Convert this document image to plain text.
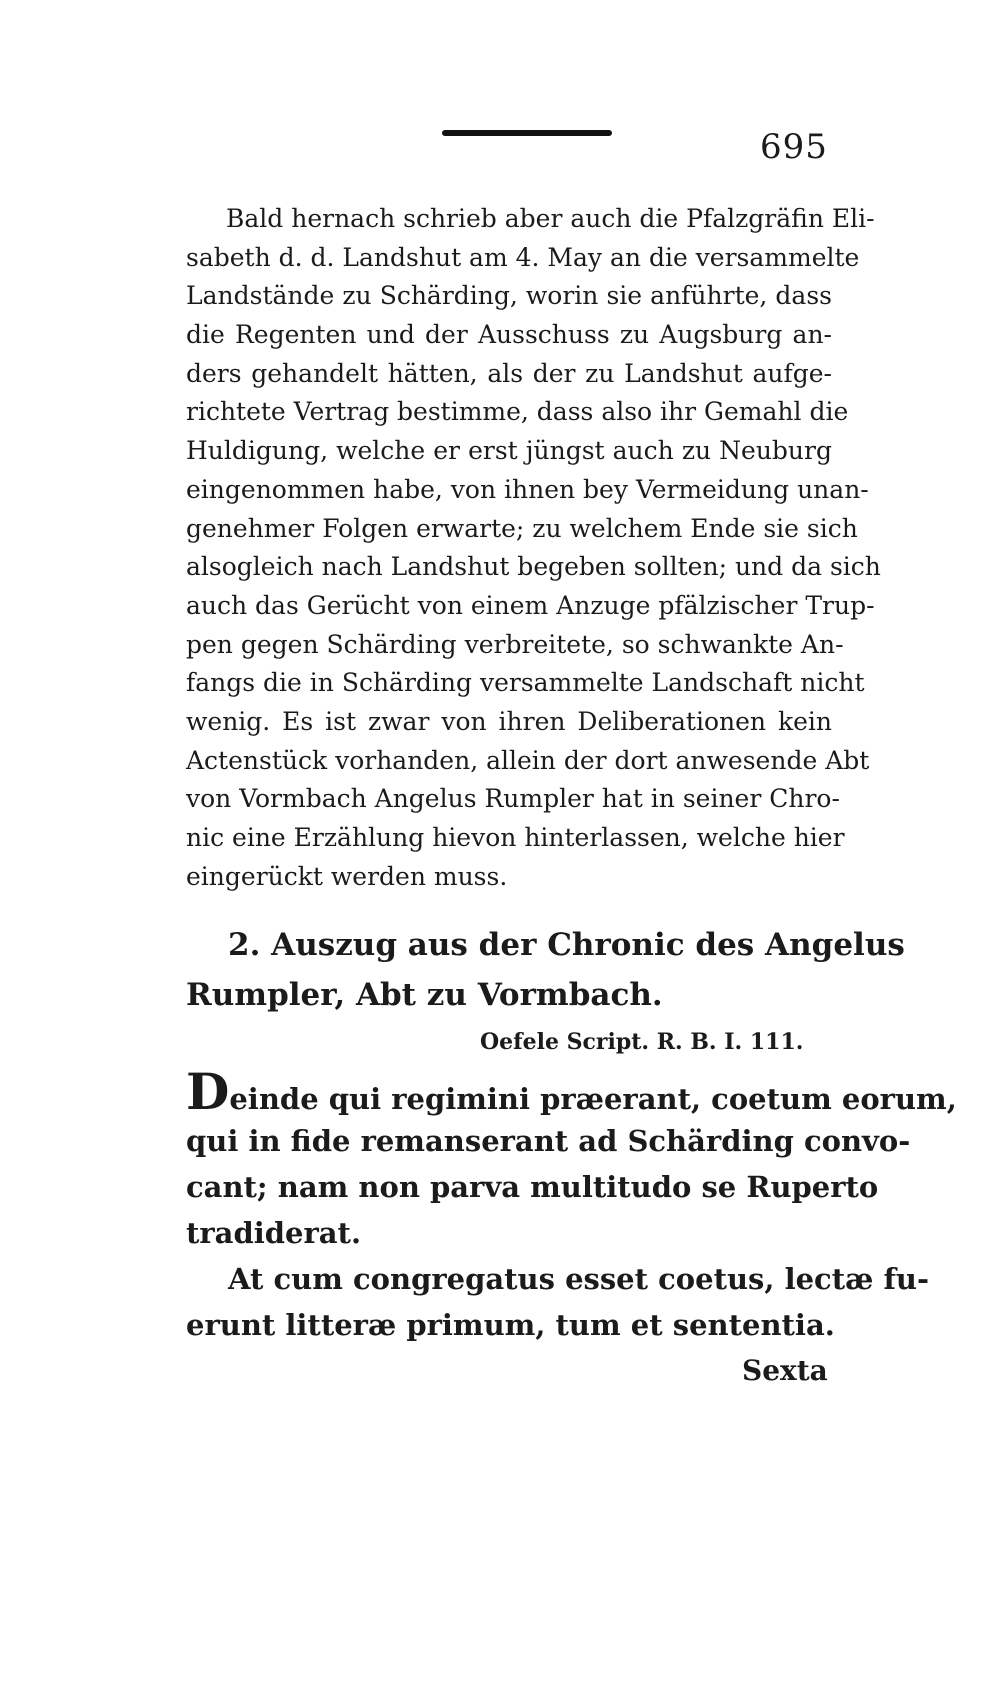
695
Bald hernach schrieb aber auch die Pfalzgräfin Eli-
sabeth d. d. Landshut am 4. May an die versammelte
Landstände zu Schärding, worin sie anführte, dass
die Regenten und der Ausschuss zu Augsburg an-
ders gehandelt hätten, als der zu Landshut aufge-
richtete Vertrag bestimme, dass also ihr Gemahl die
Huldigung, welche er erst jüngst auch zu Neuburg
eingenommen habe, von ihnen bey Vermeidung unan-
genehmer Folgen erwarte; zu welchem Ende sie sich
alsogleich nach Landshut begeben sollten; und da sich
auch das Gerücht von einem Anzuge pfälzischer Trup-
pen gegen Schärding verbreitete, so schwankte An-
fangs die in Schärding versammelte Landschaft nicht
wenig. Es ist zwar von ihren Deliberationen kein
Actenstück vorhanden, allein der dort anwesende Abt
von Vormbach Angelus Rumpler hat in seiner Chro-
nic eine Erzählung hievon hinterlassen, welche hier
eingerückt werden muss.
2. Auszug aus der Chronic des Angelus
Rumpler, Abt zu Vormbach.
Oefele Script. R. B. I. 111.
Deinde qui regimini præerant, coetum eorum,
qui in fide remanserant ad Schärding convo-
cant; nam non parva multitudo se Ruperto
tradiderat.
At cum congregatus esset coetus, lectæ fu-
erunt litteræ primum, tum et sententia.
Sexta
